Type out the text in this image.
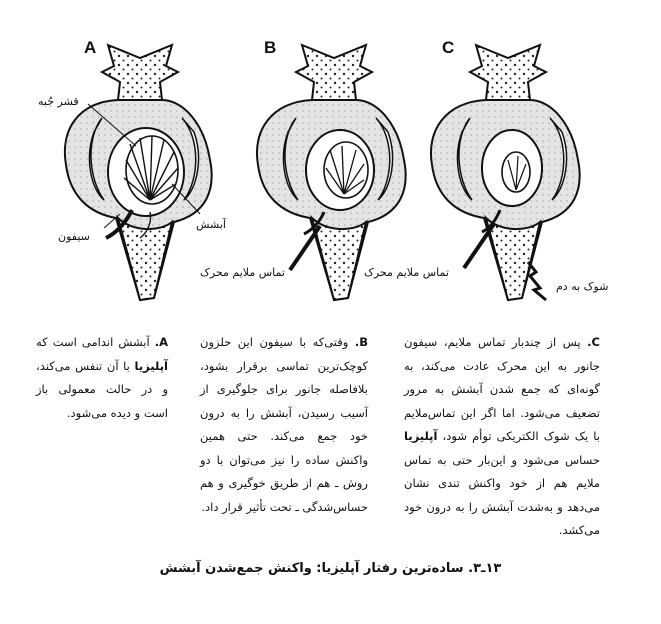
A	B	C
قشر جُبه
سیفون
آبشش
تماس ملایم محرک	تماس ملایم محرک
شوک به دم
A. آبشش اندامی است که آپلیزیا با آن تنفس می‌کند، و در حالت معمولی باز است و دیده می‌شود.
B. وقتی‌که با سیفون این حلزون کوچک‌ترین تماسی برقرار بشود، بلافاصله جانور برای جلوگیری از آسیب رسیدن، آبشش را به درون خود جمع می‌کند. حتی همین واکنش ساده را نیز می‌توان با دو روش ـ هم از طریق خوگیری و هم حساس‌شدگی ـ تحت تأثیر قرار داد.
C. پس از چندبار تماس ملایم، سیفون جانور به این محرک عادت می‌کند، به گونه‌ای که جمع شدن آبشش به مرور تضعیف می‌شود. اما اگر این تماس‌ملایم با یک شوک الکتریکی توأم شود، آپلیزیا حساس می‌شود و این‌بار حتی به تماس ملایم هم از خود واکنش تندی نشان می‌دهد و به‌شدت آبشش را به درون خود می‌کشد.
۱۳ـ۳. ساده‌ترین رفتار آپلیزیا: واکنش جمع‌شدن آبشش
